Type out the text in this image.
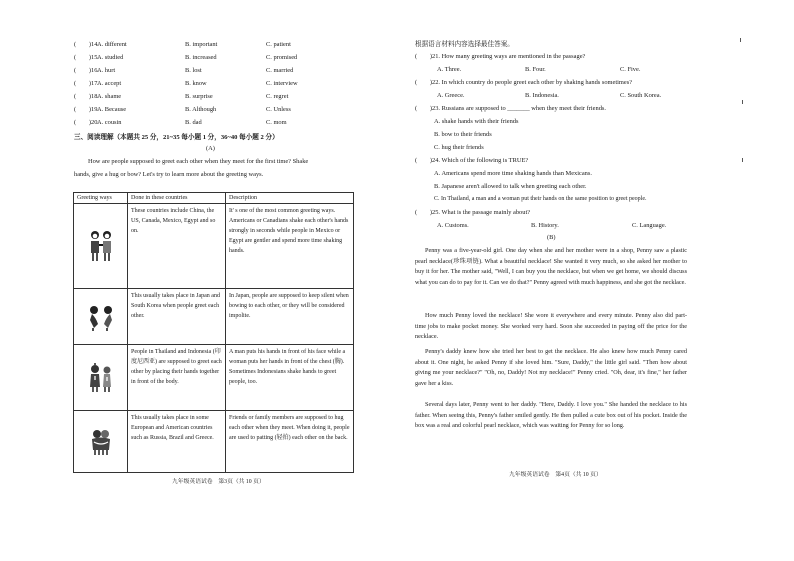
(　　)14.
A. different	B. important	C. patient
(　　)15.
A. studied	B. increased	C. promised
(　　)16.
A. hurt	B. lost	C. married
(　　)17.
A. accept	B. know	C. interview
(　　)18.
A. shame	B. surprise	C. regret
(　　)19.
A. Because	B. Although	C. Unless
(　　)20.
A. cousin	B. dad	C. mom
三、阅读理解（本题共 25 分，21~35 每小题 1 分，36~40 每小题 2 分）
(A)
How are people supposed to greet each other when they meet for the first time? Shake
hands, give a hug or bow? Let's try to learn more about the greeting ways.
Greeting ways	Done in these countries	Description

	These countries include China, the US, Canada, Mexico, Egypt and so on.	It' s one of the most common greeting ways. Americans or Canadians shake each other's hands strongly in seconds while people in Mexico or Egypt are gentler and spend more time shaking hands.

	This usually takes place in Japan and South Korea when people greet each other.	In Japan, people are supposed to keep silent when bowing to each other, or they will be considered impolite.

	People in Thailand and Indonesia (印度尼西亚) are supposed to greet each other by placing their hands together in front of the body.	A man puts his hands in front of his face while a woman puts her hands in front of the chest (胸). Sometimes Indonesians shake hands to greet people, too.

	This usually takes place in some European and American countries such as Russia, Brazil and Greece.	Friends or family members are supposed to hug each other when they meet. When doing it, people are used to patting (轻拍) each other on the back.
九年级英语试卷　第3页（共 10 页）
根据语言材料内容选择最佳答案。
(　　)21. How many greeting ways are mentioned in the passage?
A. Three.	B. Four.	C. Five.
(　　)22. In which country do people greet each other by shaking hands sometimes?
A. Greece.	B. Indonesia.	C. South Korea.
(　　)23. Russians are supposed to _______ when they meet their friends.
A. shake hands with their friends
B. bow to their friends
C. hug their friends
(　　)24. Which of the following is TRUE?
A. Americans spend more time shaking hands than Mexicans.
B. Japanese aren't allowed to talk when greeting each other.
C. In Thailand, a man and a woman put their hands on the same position to greet people.
(　　)25. What is the passage mainly about?
A. Customs.	B. History.	C. Language.
(B)
Penny was a five-year-old girl. One day when she and her mother were in a shop, Penny saw a plastic pearl necklace(珍珠项链). What a beautiful necklace! She wanted it very much, so she asked her mother to buy it for her. The mother said, "Well, I can buy you the necklace, but when we get home, we should discuss what you can do to pay for it. Can we do that?" Penny agreed with much happiness, and she got the necklace.
How much Penny loved the necklace! She wore it everywhere and every minute. Penny also did part-time jobs to make pocket money. She worked very hard. Soon she succeeded in paying off the price for the necklace.
Penny's daddy knew how she tried her best to get the necklace. He also knew how much Penny cared about it. One night, he asked Penny if she loved him. "Sure, Daddy," the little girl said. "Then how about giving me your necklace?" "Oh, no, Daddy! Not my necklace!" Penny cried. "Oh, dear, it's fine," her father gave her a kiss.
Several days later, Penny went to her daddy. "Here, Daddy. I love you." She handed the necklace to his father. When seeing this, Penny's father smiled gently. He then pulled a cute box out of his pocket. Inside the box was a real and colorful pearl necklace, which was waiting for Penny for so long.
九年级英语试卷　第4页（共 10 页）
